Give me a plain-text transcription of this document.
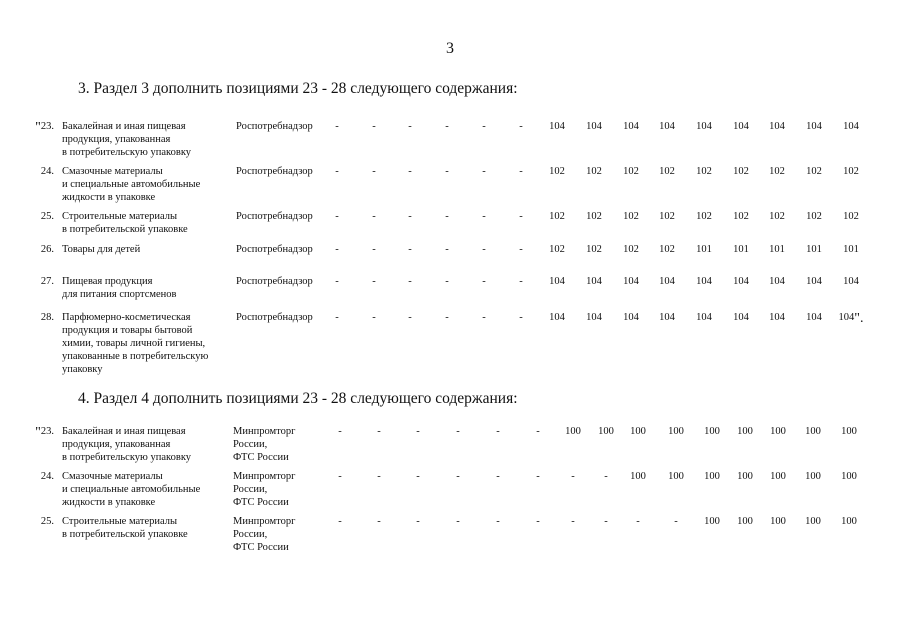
3
3. Раздел 3 дополнить позициями 23 - 28 следующего содержания:
"23. Бакалейная и иная пищевая
продукция, упакованная
в потребительскую упаковку
Роспотребнадзор	-	-	-	-	-	-	104	104	104	104	104	104	104	104	104
24. Смазочные материалы
и специальные автомобильные
жидкости в упаковке
Роспотребнадзор	-	-	-	-	-	-	102	102	102	102	102	102	102	102	102
25. Строительные материалы
в потребительской упаковке
Роспотребнадзор	-	-	-	-	-	-	102	102	102	102	102	102	102	102	102
26. Товары для детей	Роспотребнадзор	-	-	-	-	-	-	102	102	102	102	101	101	101	101	101
27. Пищевая продукция
для питания спортсменов
Роспотребнадзор	-	-	-	-	-	-	104	104	104	104	104	104	104	104	104
28. Парфюмерно-косметическая
продукция и товары бытовой
химии, товары личной гигиены,
упакованные в потребительскую
упаковку
Роспотребнадзор	-	-	-	-	-	-	104	104	104	104	104	104	104	104	104".
4. Раздел 4 дополнить позициями 23 - 28 следующего содержания:
"23. Бакалейная и иная пищевая
продукция, упакованная
в потребительскую упаковку
Минпромторг
России,
ФТС России
-	-	-	-	-	-	100	100	100	100	100	100	100	100	100
24. Смазочные материалы
и специальные автомобильные
жидкости в упаковке
Минпромторг
России,
ФТС России
-	-	-	-	-	-	-	-	100	100	100	100	100	100	100
25. Строительные материалы
в потребительской упаковке
Минпромторг
России,
ФТС России
-	-	-	-	-	-	-	-	-	-	100	100	100	100	100
